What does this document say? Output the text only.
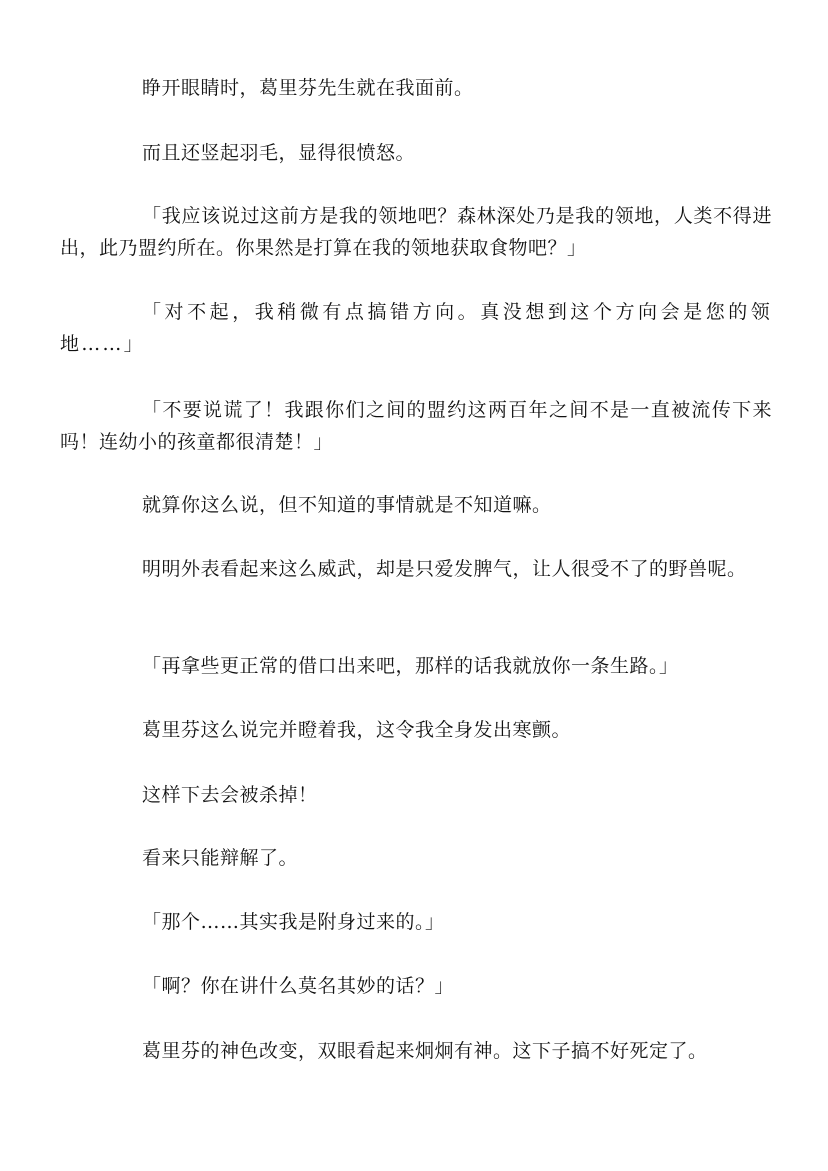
睁开眼睛时，葛里芬先生就在我面前。

而且还竖起羽毛，显得很愤怒。

「我应该说过这前方是我的领地吧？森林深处乃是我的领地，人类不得进出，此乃盟约所在。你果然是打算在我的领地获取食物吧？」

「对不起，我稍微有点搞错方向。真没想到这个方向会是您的领地……」

「不要说谎了！我跟你们之间的盟约这两百年之间不是一直被流传下来吗！连幼小的孩童都很清楚！」

就算你这么说，但不知道的事情就是不知道嘛。

明明外表看起来这么威武，却是只爱发脾气，让人很受不了的野兽呢。

「再拿些更正常的借口出来吧，那样的话我就放你一条生路。」

葛里芬这么说完并瞪着我，这令我全身发出寒颤。

这样下去会被杀掉！

看来只能辩解了。

「那个……其实我是附身过来的。」

「啊？你在讲什么莫名其妙的话？」

葛里芬的神色改变，双眼看起来炯炯有神。这下子搞不好死定了。
